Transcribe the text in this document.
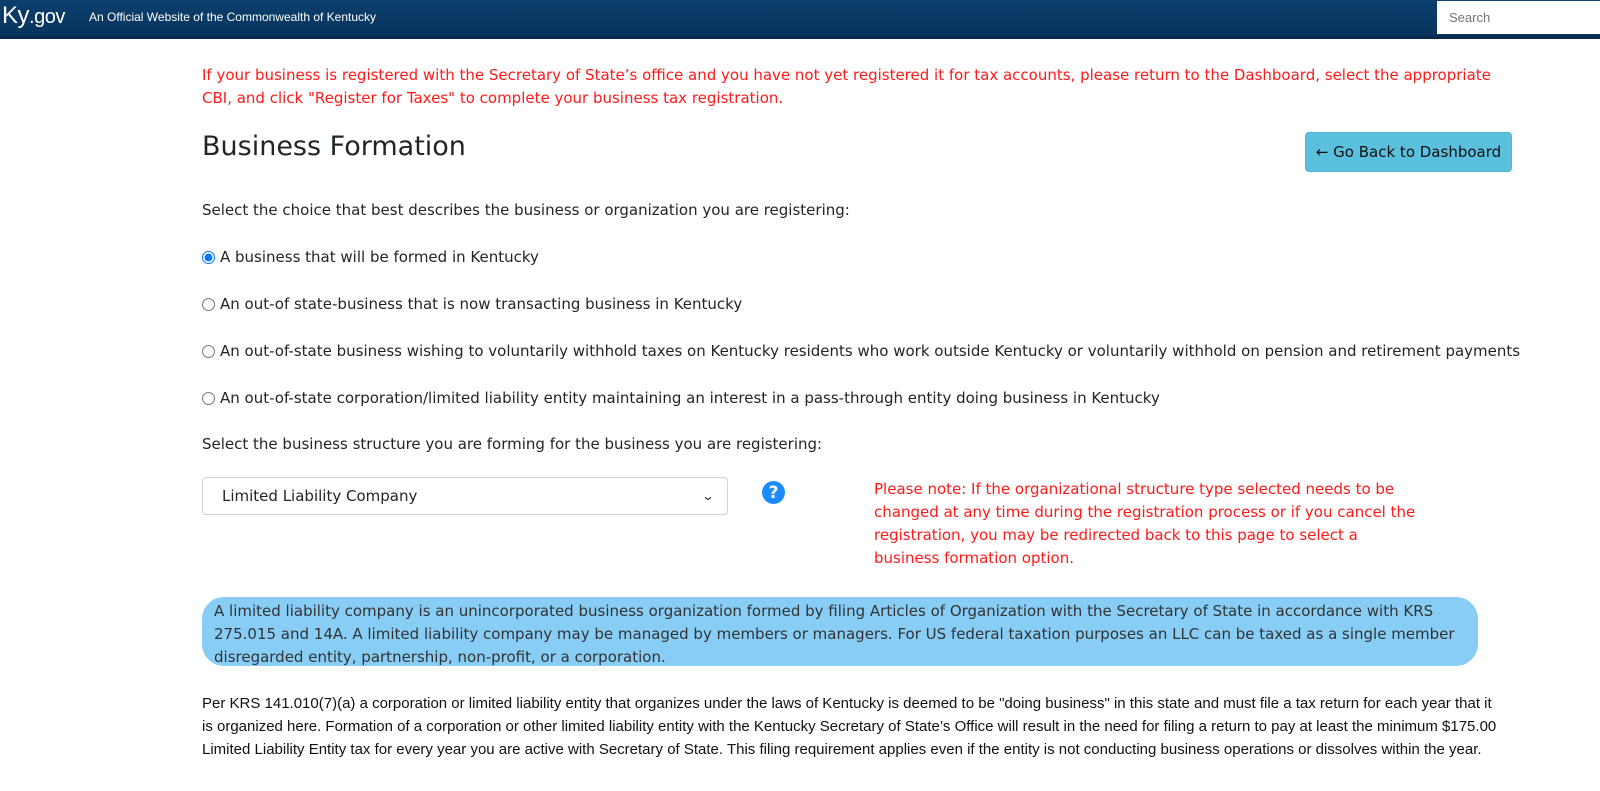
Ky.gov An Official Website of the Commonwealth of Kentucky
Search
If your business is registered with the Secretary of State’s office and you have not yet registered it for tax accounts, please return to the Dashboard, select the appropriate CBI, and click "Register for Taxes" to complete your business tax registration.
Business Formation	← Go Back to Dashboard
Select the choice that best describes the business or organization you are registering:
A business that will be formed in Kentucky
An out-of state-business that is now transacting business in Kentucky
An out-of-state business wishing to voluntarily withhold taxes on Kentucky residents who work outside Kentucky or voluntarily withhold on pension and retirement payments
An out-of-state corporation/limited liability entity maintaining an interest in a pass-through entity doing business in Kentucky
Select the business structure you are forming for the business you are registering:
Limited Liability Company	⌄	?	Please note: If the organizational structure type selected needs to be changed at any time during the registration process or if you cancel the registration, you may be redirected back to this page to select a business formation option.
A limited liability company is an unincorporated business organization formed by filing Articles of Organization with the Secretary of State in accordance with KRS 275.015 and 14A. A limited liability company may be managed by members or managers. For US federal taxation purposes an LLC can be taxed as a single member disregarded entity, partnership, non-profit, or a corporation.
Per KRS 141.010(7)(a) a corporation or limited liability entity that organizes under the laws of Kentucky is deemed to be "doing business" in this state and must file a tax return for each year that it is organized here. Formation of a corporation or other limited liability entity with the Kentucky Secretary of State’s Office will result in the need for filing a return to pay at least the minimum $175.00 Limited Liability Entity tax for every year you are active with Secretary of State. This filing requirement applies even if the entity is not conducting business operations or dissolves within the year.
